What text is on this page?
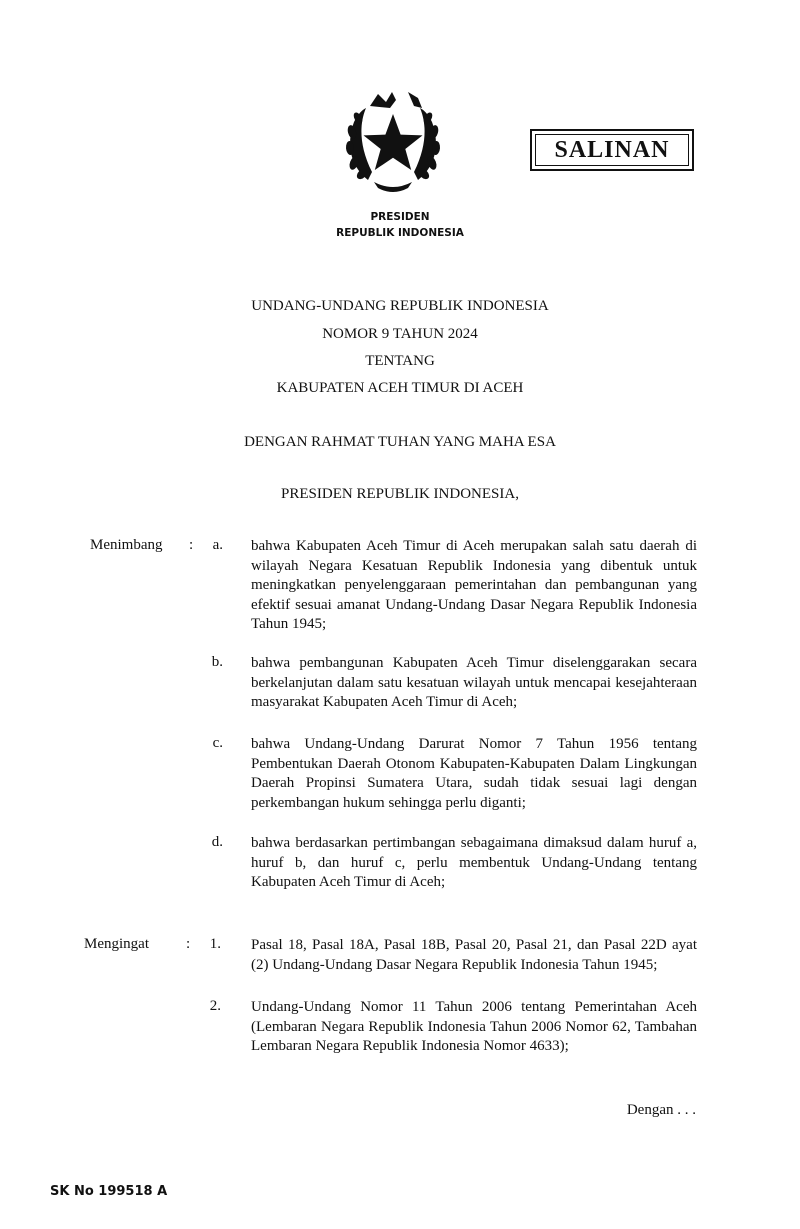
SALINAN
PRESIDEN
REPUBLIK INDONESIA
UNDANG-UNDANG REPUBLIK INDONESIA
NOMOR 9 TAHUN 2024
TENTANG
KABUPATEN ACEH TIMUR DI ACEH
DENGAN RAHMAT TUHAN YANG MAHA ESA
PRESIDEN REPUBLIK INDONESIA,
Menimbang :	a. bahwa Kabupaten Aceh Timur di Aceh merupakan salah satu daerah di wilayah Negara Kesatuan Republik Indonesia yang dibentuk untuk meningkatkan penyelenggaraan pemerintahan dan pembangunan yang efektif sesuai amanat Undang-Undang Dasar Negara Republik Indonesia Tahun 1945;
b. bahwa pembangunan Kabupaten Aceh Timur diselenggarakan secara berkelanjutan dalam satu kesatuan wilayah untuk mencapai kesejahteraan masyarakat Kabupaten Aceh Timur di Aceh;
c. bahwa Undang-Undang Darurat Nomor 7 Tahun 1956 tentang Pembentukan Daerah Otonom Kabupaten-Kabupaten Dalam Lingkungan Daerah Propinsi Sumatera Utara, sudah tidak sesuai lagi dengan perkembangan hukum sehingga perlu diganti;
d. bahwa berdasarkan pertimbangan sebagaimana dimaksud dalam huruf a, huruf b, dan huruf c, perlu membentuk Undang-Undang tentang Kabupaten Aceh Timur di Aceh;
Mengingat :	1. Pasal 18, Pasal 18A, Pasal 18B, Pasal 20, Pasal 21, dan Pasal 22D ayat (2) Undang-Undang Dasar Negara Republik Indonesia Tahun 1945;
2. Undang-Undang Nomor 11 Tahun 2006 tentang Pemerintahan Aceh (Lembaran Negara Republik Indonesia Tahun 2006 Nomor 62, Tambahan Lembaran Negara Republik Indonesia Nomor 4633);
Dengan . . .
SK No 199518 A
